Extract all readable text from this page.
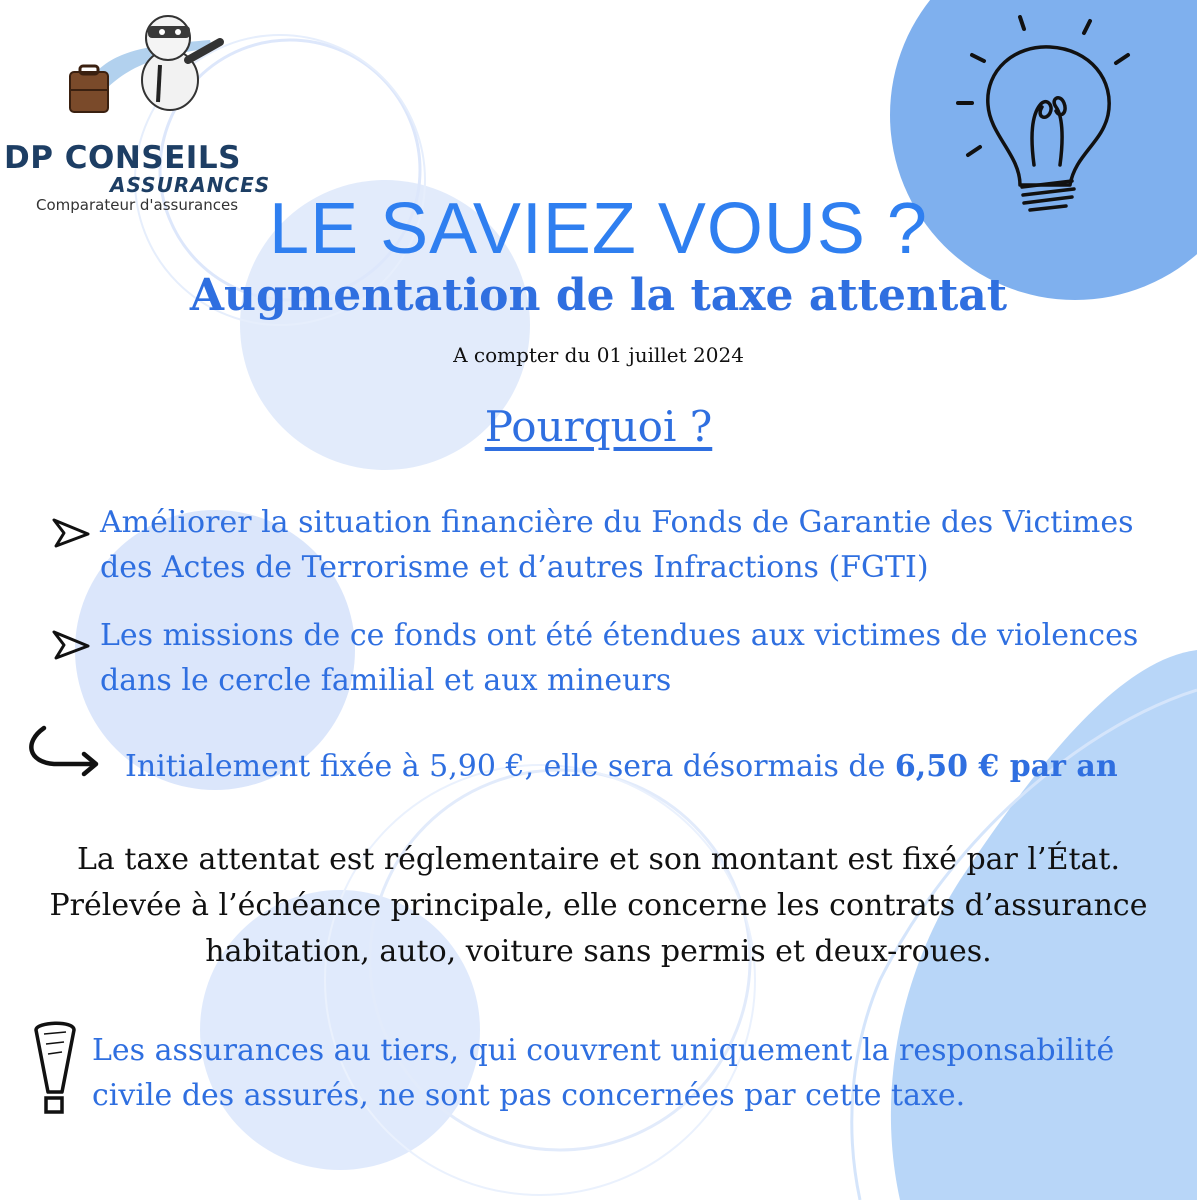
DP CONSEILS
ASSURANCES
Comparateur d'assurances LE SAVIEZ VOUS ?
Augmentation de la taxe attentat
A compter du 01 juillet 2024
Pourquoi ?
Améliorer la situation financière du Fonds de Garantie des Victimes
des Actes de Terrorisme et d’autres Infractions (FGTI)
Les missions de ce fonds ont été étendues aux victimes de violences
dans le cercle familial et aux mineurs
Initialement fixée à 5,90 €, elle sera désormais de 6,50 € par an
La taxe attentat est réglementaire et son montant est fixé par l’État.
Prélevée à l’échéance principale, elle concerne les contrats d’assurance
habitation, auto, voiture sans permis et deux-roues.
Les assurances au tiers, qui couvrent uniquement la responsabilité
civile des assurés, ne sont pas concernées par cette taxe.
